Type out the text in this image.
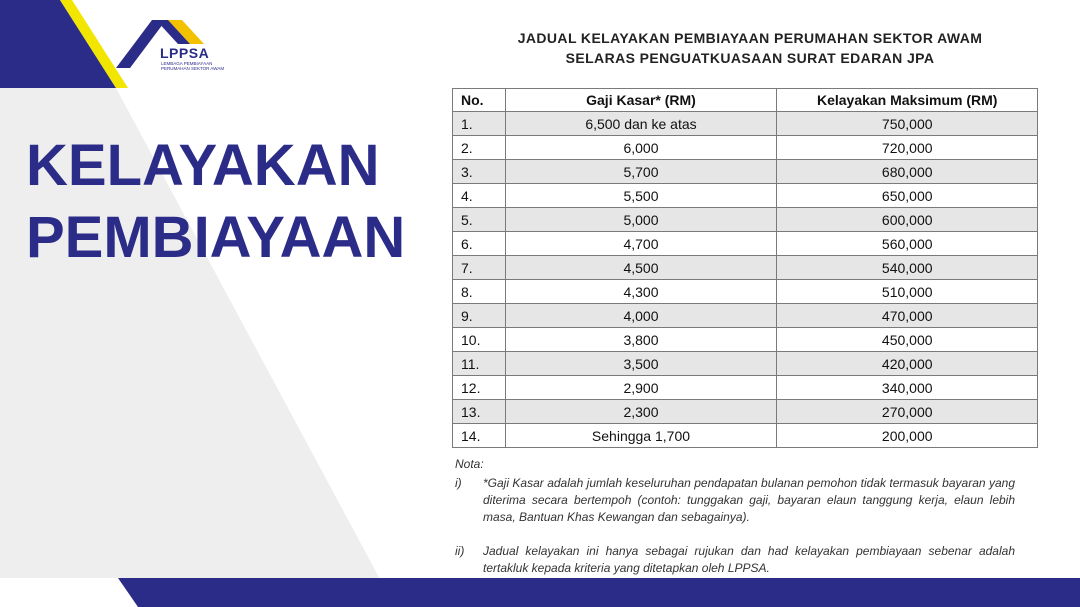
LPPSA
LEMBAGA PEMBIAYAAN
PERUMAHAN SEKTOR AWAM
KELAYAKAN
PEMBIAYAAN
JADUAL KELAYAKAN PEMBIAYAAN PERUMAHAN SEKTOR AWAM
SELARAS PENGUATKUASAAN SURAT EDARAN JPA
No.	Gaji Kasar* (RM)	Kelayakan Maksimum (RM)
1.	6,500 dan ke atas	750,000
2.	6,000	720,000
3.	5,700	680,000
4.	5,500	650,000
5.	5,000	600,000
6.	4,700	560,000
7.	4,500	540,000
8.	4,300	510,000
9.	4,000	470,000
10.	3,800	450,000
11.	3,500	420,000
12.	2,900	340,000
13.	2,300	270,000
14.	Sehingga 1,700	200,000
Nota:
i)	*Gaji Kasar adalah jumlah keseluruhan pendapatan bulanan pemohon tidak termasuk bayaran yang diterima secara bertempoh (contoh: tunggakan gaji, bayaran elaun tanggung kerja, elaun lebih masa, Bantuan Khas Kewangan dan sebagainya).
ii)	Jadual kelayakan ini hanya sebagai rujukan dan had kelayakan pembiayaan sebenar adalah tertakluk kepada kriteria yang ditetapkan oleh LPPSA.
